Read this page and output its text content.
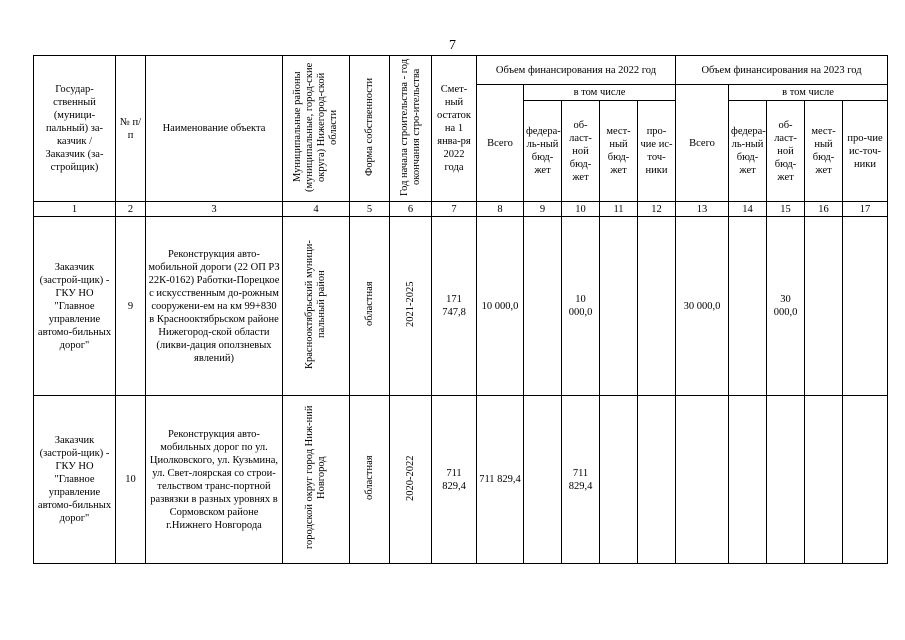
7
Государ-ственный (муници-пальный) за-казчик / Заказчик (за-стройщик)	№ п/п	Наименование объекта	Муниципальные районы (муниципальные, город-ские округа) Нижегород-ской области	Форма собственности	Год начала строительства - год окончания стро-ительства	Смет-ный остаток на 1 янва-ря 2022 года	Объем финансирования на 2022 год					Объем финансирования на 2023 год				
							Всего	в том числе				Всего	в том числе			
								федера-ль-ный бюд-жет	об-ласт-ной бюд-жет	мест-ный бюд-жет	про-чие ис-точ-ники		федера-ль-ный бюд-жет	об-ласт-ной бюд-жет	мест-ный бюд-жет	про-чие ис-точ-ники
1	2	3	4	5	6	7	8	9	10	11	12	13	14	15	16	17
Заказчик (застрой-щик) - ГКУ НО "Главное управление автомо-бильных дорог"	9	Реконструкция авто-мобильной дороги (22 ОП РЗ 22К-0162) Работки-Порецкое с искусственным до-рожным сооружени-ем на км 99+830 в Краснооктябрьском районе Нижегород-ской области (ликви-дация оползневых явлений)	Краснооктябрьский муници-пальный район	областная	2021-2025	171 747,8	10 000,0		10 000,0			30 000,0		30 000,0		
Заказчик (застрой-щик) - ГКУ НО "Главное управление автомо-бильных дорог"	10	Реконструкция авто-мобильных дорог по ул. Циолковского, ул. Кузьмина, ул. Свет-лоярская со строи-тельством транс-портной развязки в разных уровнях в Сормовском районе г.Нижнего Новгорода	городской округ город Ниж-ний Новгород	областная	2020-2022	711 829,4	711 829,4		711 829,4							
